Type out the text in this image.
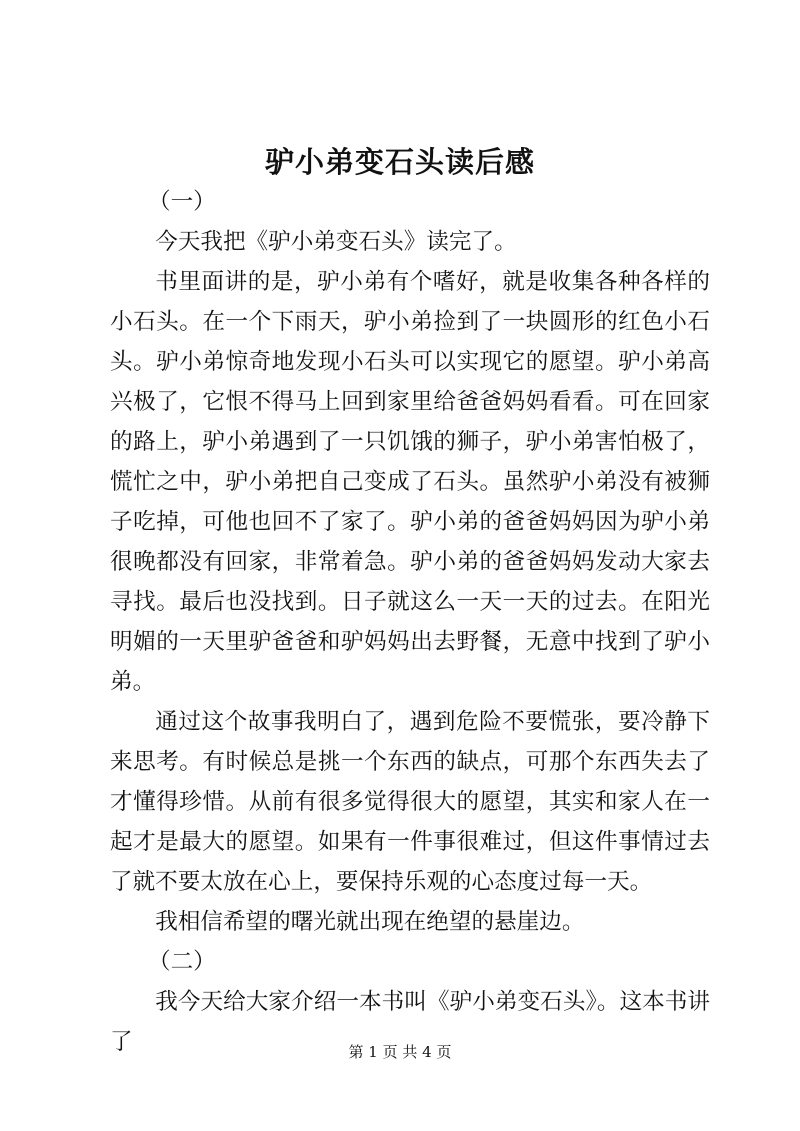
驴小弟变石头读后感

（一）

今天我把《驴小弟变石头》读完了。

书里面讲的是，驴小弟有个嗜好，就是收集各种各样的小石头。在一个下雨天，驴小弟捡到了一块圆形的红色小石头。驴小弟惊奇地发现小石头可以实现它的愿望。驴小弟高兴极了，它恨不得马上回到家里给爸爸妈妈看看。可在回家的路上，驴小弟遇到了一只饥饿的狮子，驴小弟害怕极了，慌忙之中，驴小弟把自己变成了石头。虽然驴小弟没有被狮子吃掉，可他也回不了家了。驴小弟的爸爸妈妈因为驴小弟很晚都没有回家，非常着急。驴小弟的爸爸妈妈发动大家去寻找。最后也没找到。日子就这么一天一天的过去。在阳光明媚的一天里驴爸爸和驴妈妈出去野餐，无意中找到了驴小弟。

通过这个故事我明白了，遇到危险不要慌张，要冷静下来思考。有时候总是挑一个东西的缺点，可那个东西失去了才懂得珍惜。从前有很多觉得很大的愿望，其实和家人在一起才是最大的愿望。如果有一件事很难过，但这件事情过去了就不要太放在心上，要保持乐观的心态度过每一天。

我相信希望的曙光就出现在绝望的悬崖边。

（二）

我今天给大家介绍一本书叫《驴小弟变石头》。这本书讲了	第 1 页 共 4 页
